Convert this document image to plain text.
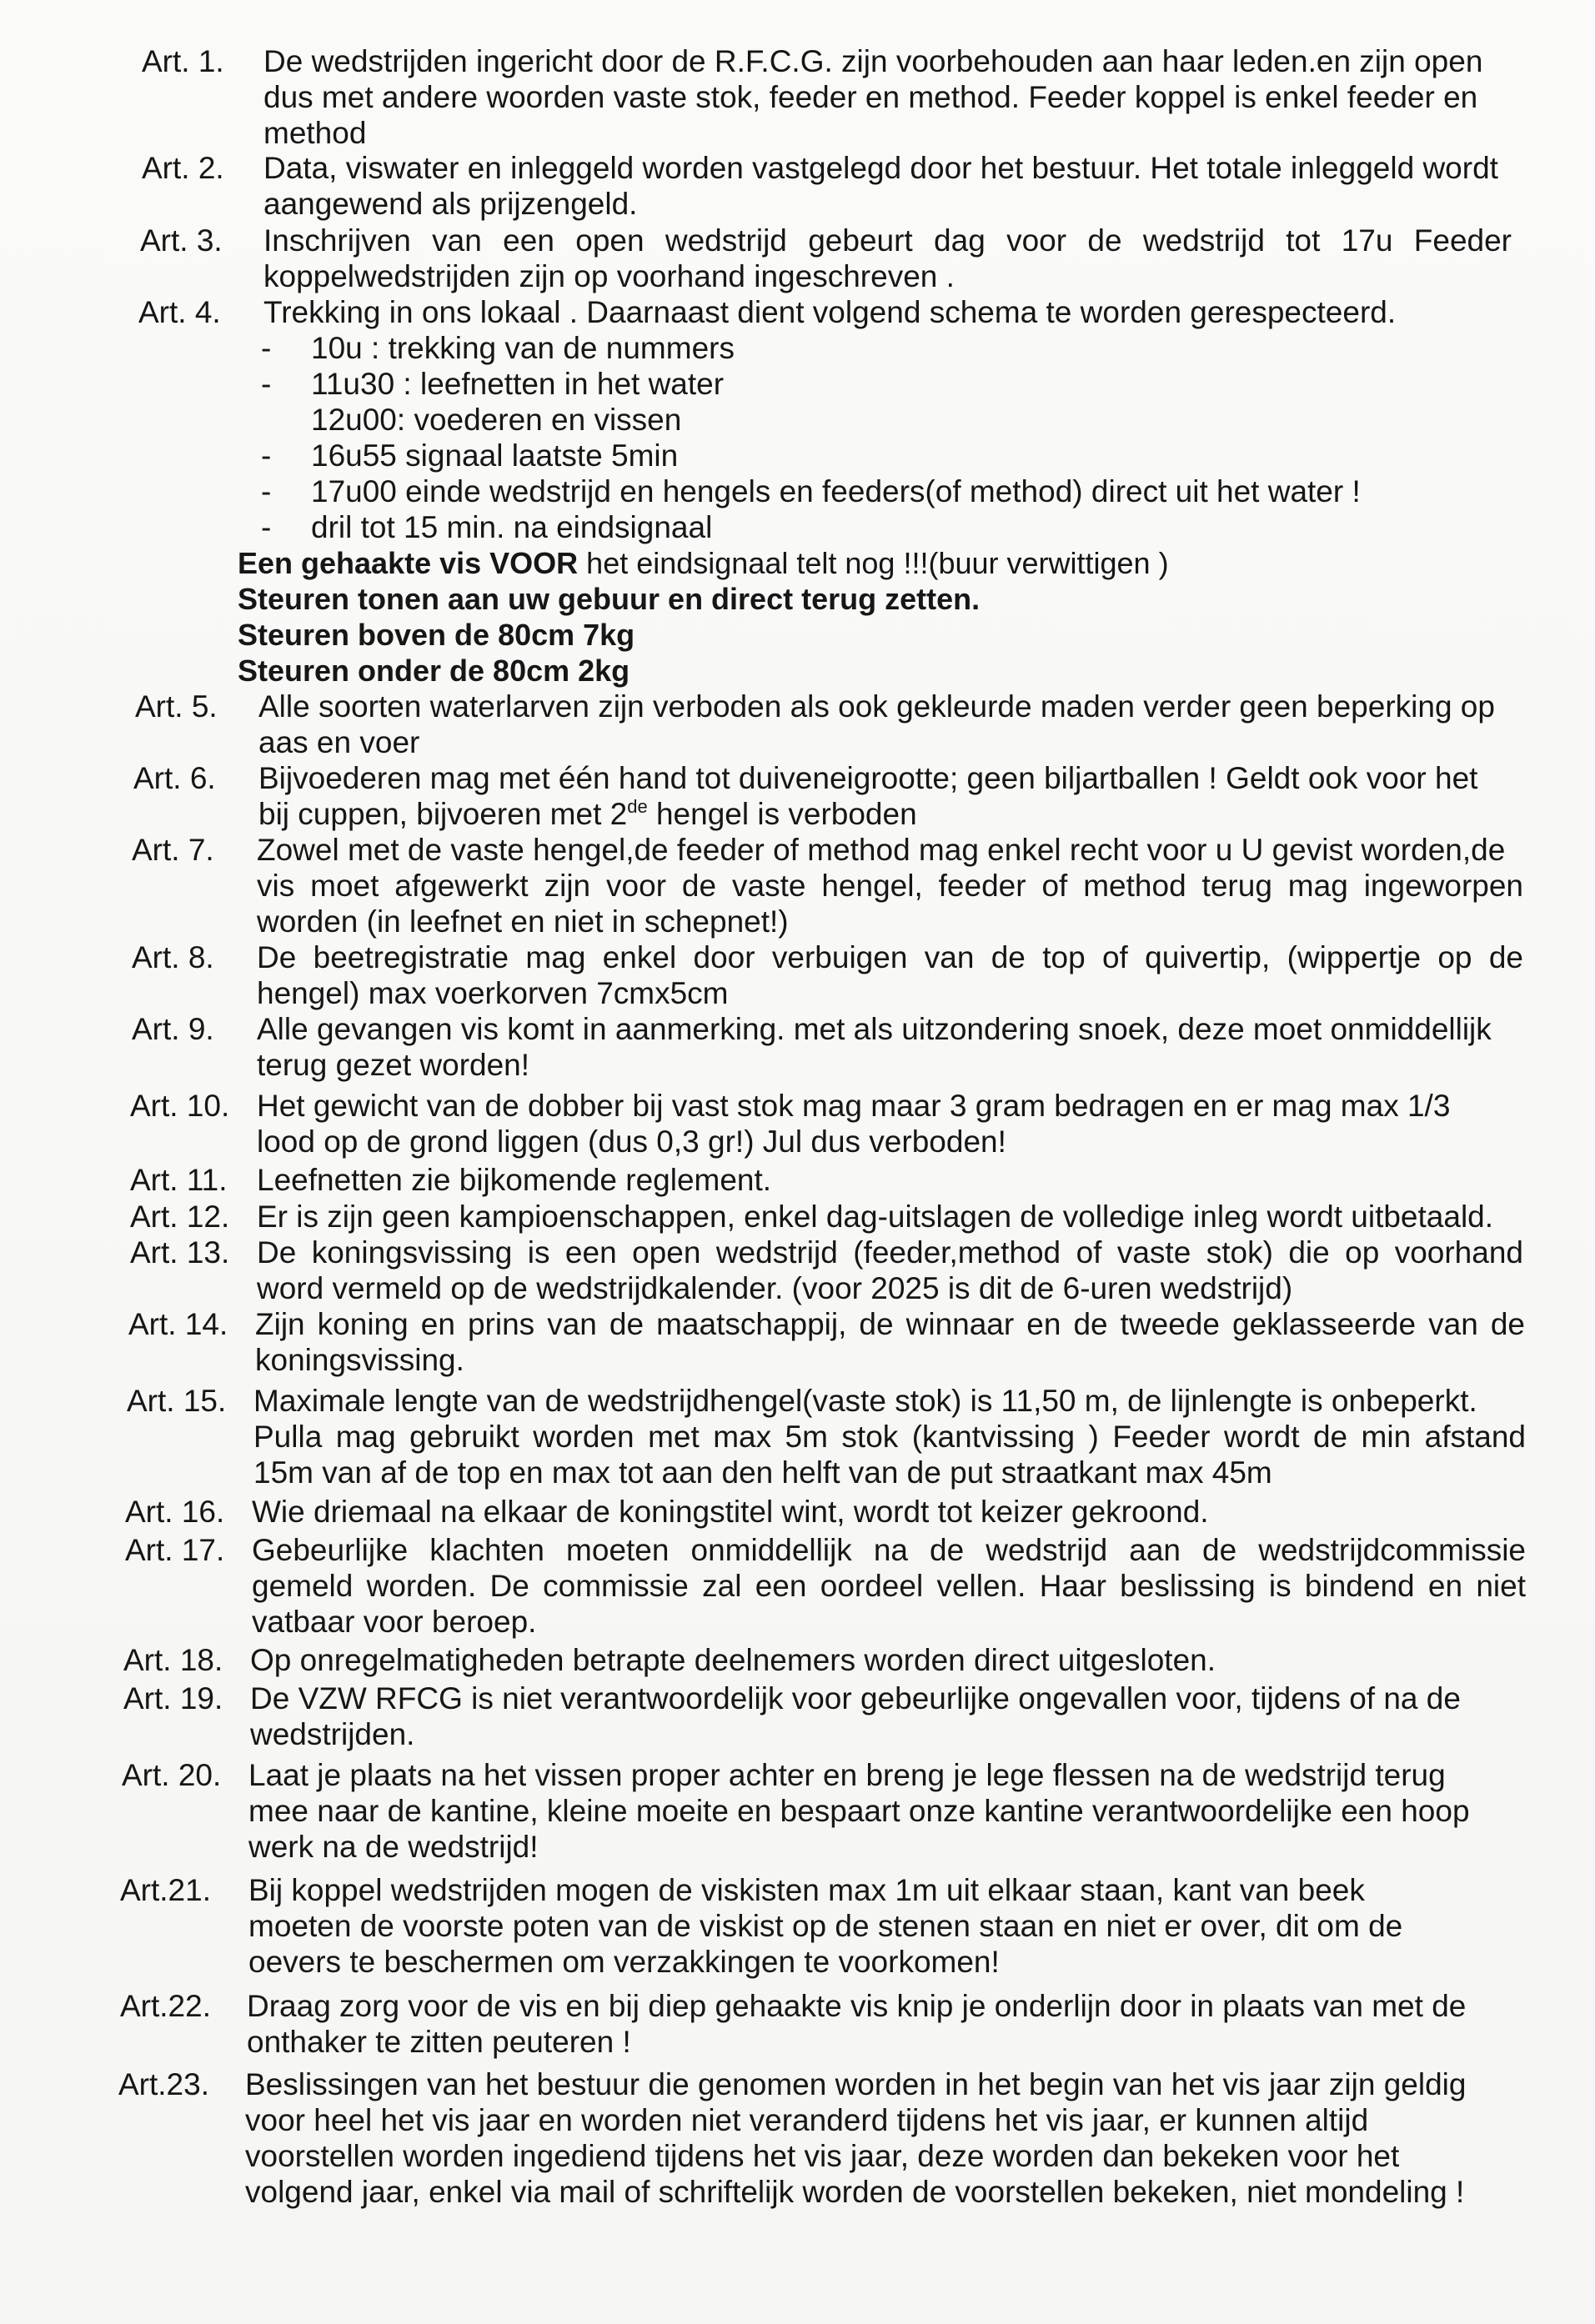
Art. 1. De wedstrijden ingericht door de R.F.C.G. zijn voorbehouden aan haar leden.en zijn open
dus met andere woorden vaste stok, feeder en method. Feeder koppel is enkel feeder en
method
Art. 2. Data, viswater en inleggeld worden vastgelegd door het bestuur. Het totale inleggeld wordt
aangewend als prijzengeld.
Art. 3. Inschrijven van een open wedstrijd gebeurt dag voor de wedstrijd tot 17u Feeder
koppelwedstrijden zijn op voorhand ingeschreven .
Art. 4. Trekking in ons lokaal . Daarnaast dient volgend schema te worden gerespecteerd.
- 10u : trekking van de nummers
- 11u30 : leefnetten in het water
12u00: voederen en vissen
- 16u55 signaal laatste 5min
- 17u00 einde wedstrijd en hengels en feeders(of method) direct uit het water !
- dril tot 15 min. na eindsignaal
Een gehaakte vis VOOR het eindsignaal telt nog !!!(buur verwittigen )
Steuren tonen aan uw gebuur en direct terug zetten.
Steuren boven de 80cm 7kg
Steuren onder de 80cm 2kg
Art. 5. Alle soorten waterlarven zijn verboden als ook gekleurde maden verder geen beperking op
aas en voer
Art. 6. Bijvoederen mag met één hand tot duiveneigrootte; geen biljartballen ! Geldt ook voor het
bij cuppen, bijvoeren met 2de hengel is verboden
Art. 7. Zowel met de vaste hengel,de feeder of method mag enkel recht voor u U gevist worden,de
vis moet afgewerkt zijn voor de vaste hengel, feeder of method terug mag ingeworpen
worden (in leefnet en niet in schepnet!)
Art. 8. De beetregistratie mag enkel door verbuigen van de top of quivertip, (wippertje op de
hengel) max voerkorven 7cmx5cm
Art. 9. Alle gevangen vis komt in aanmerking. met als uitzondering snoek, deze moet onmiddellijk
terug gezet worden!
Art. 10. Het gewicht van de dobber bij vast stok mag maar 3 gram bedragen en er mag max 1/3
lood op de grond liggen (dus 0,3 gr!) Jul dus verboden!
Art. 11. Leefnetten zie bijkomende reglement.
Art. 12. Er is zijn geen kampioenschappen, enkel dag-uitslagen de volledige inleg wordt uitbetaald.
Art. 13. De koningsvissing is een open wedstrijd (feeder,method of vaste stok) die op voorhand
word vermeld op de wedstrijdkalender. (voor 2025 is dit de 6-uren wedstrijd)
Art. 14. Zijn koning en prins van de maatschappij, de winnaar en de tweede geklasseerde van de
koningsvissing.
Art. 15. Maximale lengte van de wedstrijdhengel(vaste stok) is 11,50 m, de lijnlengte is onbeperkt.
Pulla mag gebruikt worden met max 5m stok (kantvissing ) Feeder wordt de min afstand
15m van af de top en max tot aan den helft van de put straatkant max 45m
Art. 16. Wie driemaal na elkaar de koningstitel wint, wordt tot keizer gekroond.
Art. 17. Gebeurlijke klachten moeten onmiddellijk na de wedstrijd aan de wedstrijdcommissie
gemeld worden. De commissie zal een oordeel vellen. Haar beslissing is bindend en niet
vatbaar voor beroep.
Art. 18. Op onregelmatigheden betrapte deelnemers worden direct uitgesloten.
Art. 19. De VZW RFCG is niet verantwoordelijk voor gebeurlijke ongevallen voor, tijdens of na de
wedstrijden.
Art. 20. Laat je plaats na het vissen proper achter en breng je lege flessen na de wedstrijd terug
mee naar de kantine, kleine moeite en bespaart onze kantine verantwoordelijke een hoop
werk na de wedstrijd!
Art.21. Bij koppel wedstrijden mogen de viskisten max 1m uit elkaar staan, kant van beek
moeten de voorste poten van de viskist op de stenen staan en niet er over, dit om de
oevers te beschermen om verzakkingen te voorkomen!
Art.22. Draag zorg voor de vis en bij diep gehaakte vis knip je onderlijn door in plaats van met de
onthaker te zitten peuteren !
Art.23. Beslissingen van het bestuur die genomen worden in het begin van het vis jaar zijn geldig
voor heel het vis jaar en worden niet veranderd tijdens het vis jaar, er kunnen altijd
voorstellen worden ingediend tijdens het vis jaar, deze worden dan bekeken voor het
volgend jaar, enkel via mail of schriftelijk worden de voorstellen bekeken, niet mondeling !
